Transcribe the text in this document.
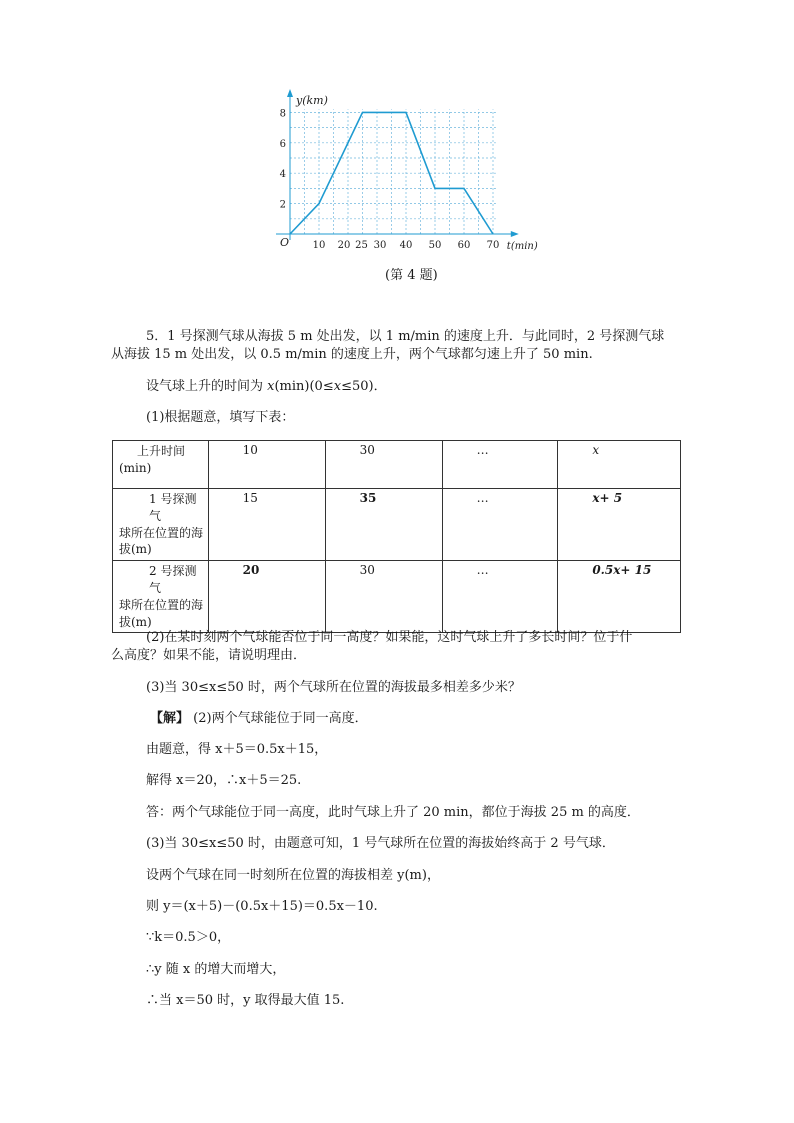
y(km)
t(min)
O 10 20 25 30 40 50 60 70
2
4
6
8
(第 4 题)
5．1 号探测气球从海拔 5 m 处出发，以 1 m/min 的速度上升．与此同时，2 号探测气球
从海拔 15 m 处出发，以 0.5 m/min 的速度上升，两个气球都匀速上升了 50 min.
设气球上升的时间为 x(min)(0≤x≤50)．
(1)根据题意，填写下表：
上升时间
(min)	10	30	…	x

1 号探测气
球所在位置的海
拔(m)	15	35	…	x+ 5

2 号探测气
球所在位置的海
拔(m)	20	30	…	0.5x+ 15
(2)在某时刻两个气球能否位于同一高度？如果能，这时气球上升了多长时间？位于什
么高度？如果不能，请说明理由．
(3)当 30≤x≤50 时，两个气球所在位置的海拔最多相差多少米？
【解】 (2)两个气球能位于同一高度．
由题意，得 x＋5＝0.5x＋15，
解得 x＝20，∴x＋5＝25.
答：两个气球能位于同一高度，此时气球上升了 20 min，都位于海拔 25 m 的高度．
(3)当 30≤x≤50 时，由题意可知，1 号气球所在位置的海拔始终高于 2 号气球．
设两个气球在同一时刻所在位置的海拔相差 y(m)，
则 y＝(x＋5)－(0.5x＋15)＝0.5x－10.
∵k＝0.5＞0，
∴y 随 x 的增大而增大，
∴当 x＝50 时，y 取得最大值 15.
